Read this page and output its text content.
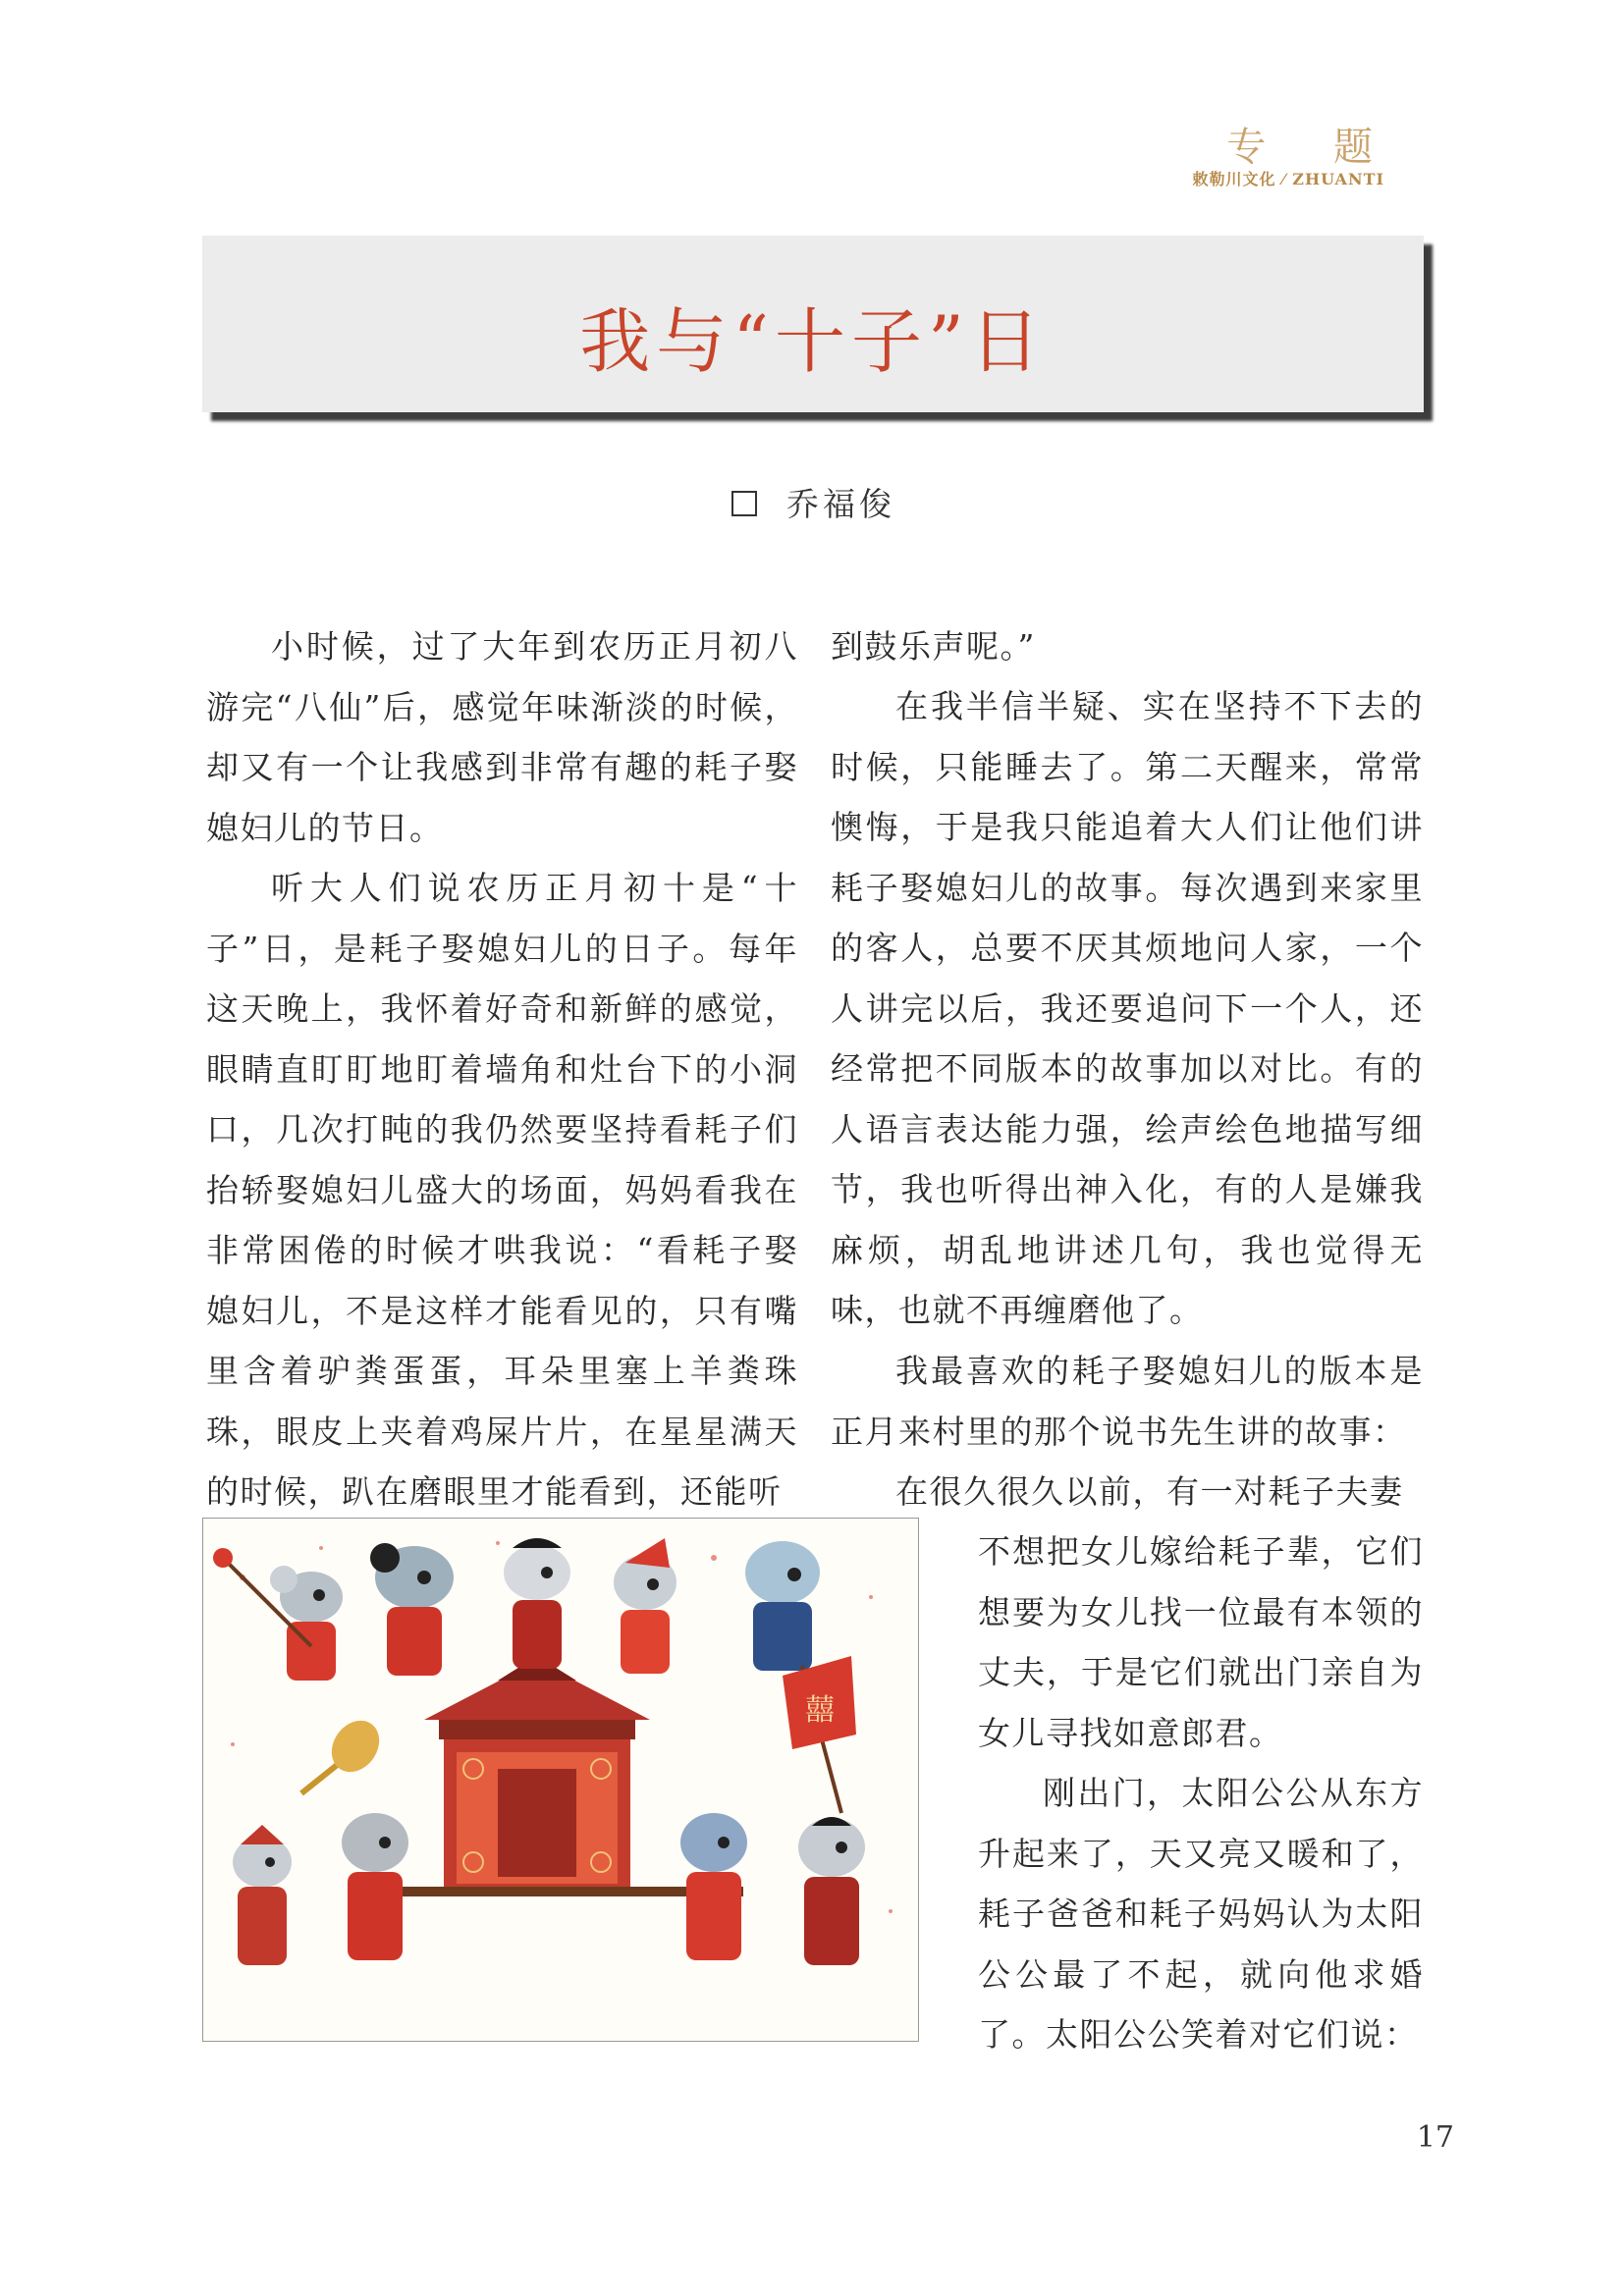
专 题
敕勒川文化 ⁄ ZHUANTI
我与“十子”日
乔福俊

小时候，过了大年到农历正月初八游完“八仙”后，感觉年味渐淡的时候，却又有一个让我感到非常有趣的耗子娶媳妇儿的节日。

听大人们说农历正月初十是“十子”日，是耗子娶媳妇儿的日子。每年这天晚上，我怀着好奇和新鲜的感觉，眼睛直盯盯地盯着墙角和灶台下的小洞口，几次打盹的我仍然要坚持看耗子们抬轿娶媳妇儿盛大的场面，妈妈看我在非常困倦的时候才哄我说：“看耗子娶媳妇儿，不是这样才能看见的，只有嘴里含着驴粪蛋蛋，耳朵里塞上羊粪珠珠，眼皮上夹着鸡屎片片，在星星满天的时候，趴在磨眼里才能看到，还能听

到鼓乐声呢。”

在我半信半疑、实在坚持不下去的时候，只能睡去了。第二天醒来，常常懊悔，于是我只能追着大人们让他们讲耗子娶媳妇儿的故事。每次遇到来家里的客人，总要不厌其烦地问人家，一个人讲完以后，我还要追问下一个人，还经常把不同版本的故事加以对比。有的人语言表达能力强，绘声绘色地描写细节，我也听得出神入化，有的人是嫌我麻烦，胡乱地讲述几句，我也觉得无味，也就不再缠磨他了。

我最喜欢的耗子娶媳妇儿的版本是正月来村里的那个说书先生讲的故事：

在很久很久以前，有一对耗子夫妻

不想把女儿嫁给耗子辈，它们想要为女儿找一位最有本领的丈夫，于是它们就出门亲自为女儿寻找如意郎君。

刚出门，太阳公公从东方升起来了，天又亮又暖和了，耗子爸爸和耗子妈妈认为太阳公公最了不起，就向他求婚了。太阳公公笑着对它们说：

囍
17
